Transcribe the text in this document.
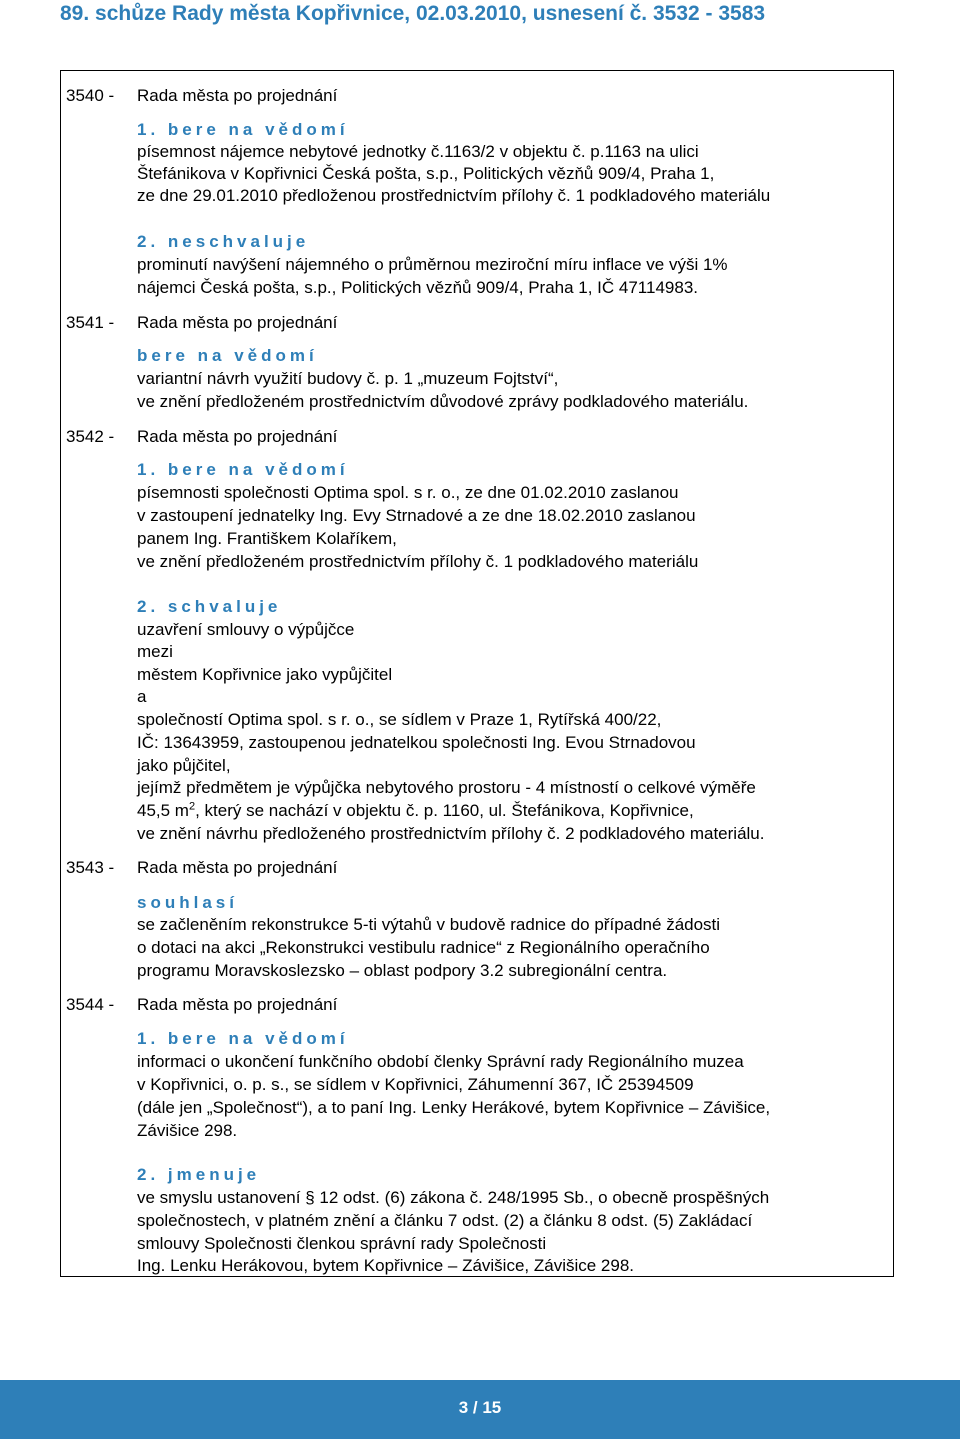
89. schůze Rady města Kopřivnice, 02.03.2010, usnesení č. 3532 - 3583
3540 - Rada města po projednání
1. bere na vědomí
písemnost nájemce nebytové jednotky č.1163/2 v objektu č. p.1163 na ulici
Štefánikova v Kopřivnici Česká pošta, s.p., Politických vězňů 909/4, Praha 1,
ze dne 29.01.2010 předloženou prostřednictvím přílohy č. 1 podkladového materiálu
2. neschvaluje
prominutí navýšení nájemného o průměrnou meziroční míru inflace ve výši 1%
nájemci Česká pošta, s.p., Politických vězňů 909/4, Praha 1, IČ 47114983.
3541 - Rada města po projednání
bere na vědomí
variantní návrh využití budovy č. p. 1 „muzeum Fojtství“,
ve znění předloženém prostřednictvím důvodové zprávy podkladového materiálu.
3542 - Rada města po projednání
1. bere na vědomí
písemnosti společnosti Optima spol. s r. o., ze dne 01.02.2010 zaslanou
v zastoupení jednatelky Ing. Evy Strnadové a ze dne 18.02.2010 zaslanou
panem Ing. Františkem Kolaříkem,
ve znění předloženém prostřednictvím přílohy č. 1 podkladového materiálu
2. schvaluje
uzavření smlouvy o výpůjčce
mezi
městem Kopřivnice jako vypůjčitel
a
společností Optima spol. s r. o., se sídlem v Praze 1, Rytířská 400/22,
IČ: 13643959, zastoupenou jednatelkou společnosti Ing. Evou Strnadovou
jako půjčitel,
jejímž předmětem je výpůjčka nebytového prostoru - 4 místností o celkové výměře
45,5 $m^2$, který se nachází v objektu č. p. 1160, ul. Štefánikova, Kopřivnice,
ve znění návrhu předloženého prostřednictvím přílohy č. 2 podkladového materiálu.
3543 - Rada města po projednání
souhlasí
se začleněním rekonstrukce 5-ti výtahů v budově radnice do případné žádosti
o dotaci na akci „Rekonstrukci vestibulu radnice“ z Regionálního operačního
programu Moravskoslezsko – oblast podpory 3.2 subregionální centra.
3544 - Rada města po projednání
1. bere na vědomí
informaci o ukončení funkčního období členky Správní rady Regionálního muzea
v Kopřivnici, o. p. s., se sídlem v Kopřivnici, Záhumenní 367, IČ 25394509
(dále jen „Společnost“), a to paní Ing. Lenky Herákové, bytem Kopřivnice – Závišice,
Závišice 298.
2. jmenuje
ve smyslu ustanovení § 12 odst. (6) zákona č. 248/1995 Sb., o obecně prospěšných
společnostech, v platném znění a článku 7 odst. (2) a článku 8 odst. (5) Zakládací
smlouvy Společnosti členkou správní rady Společnosti
Ing. Lenku Herákovou, bytem Kopřivnice – Závišice, Závišice 298.
3 / 15
